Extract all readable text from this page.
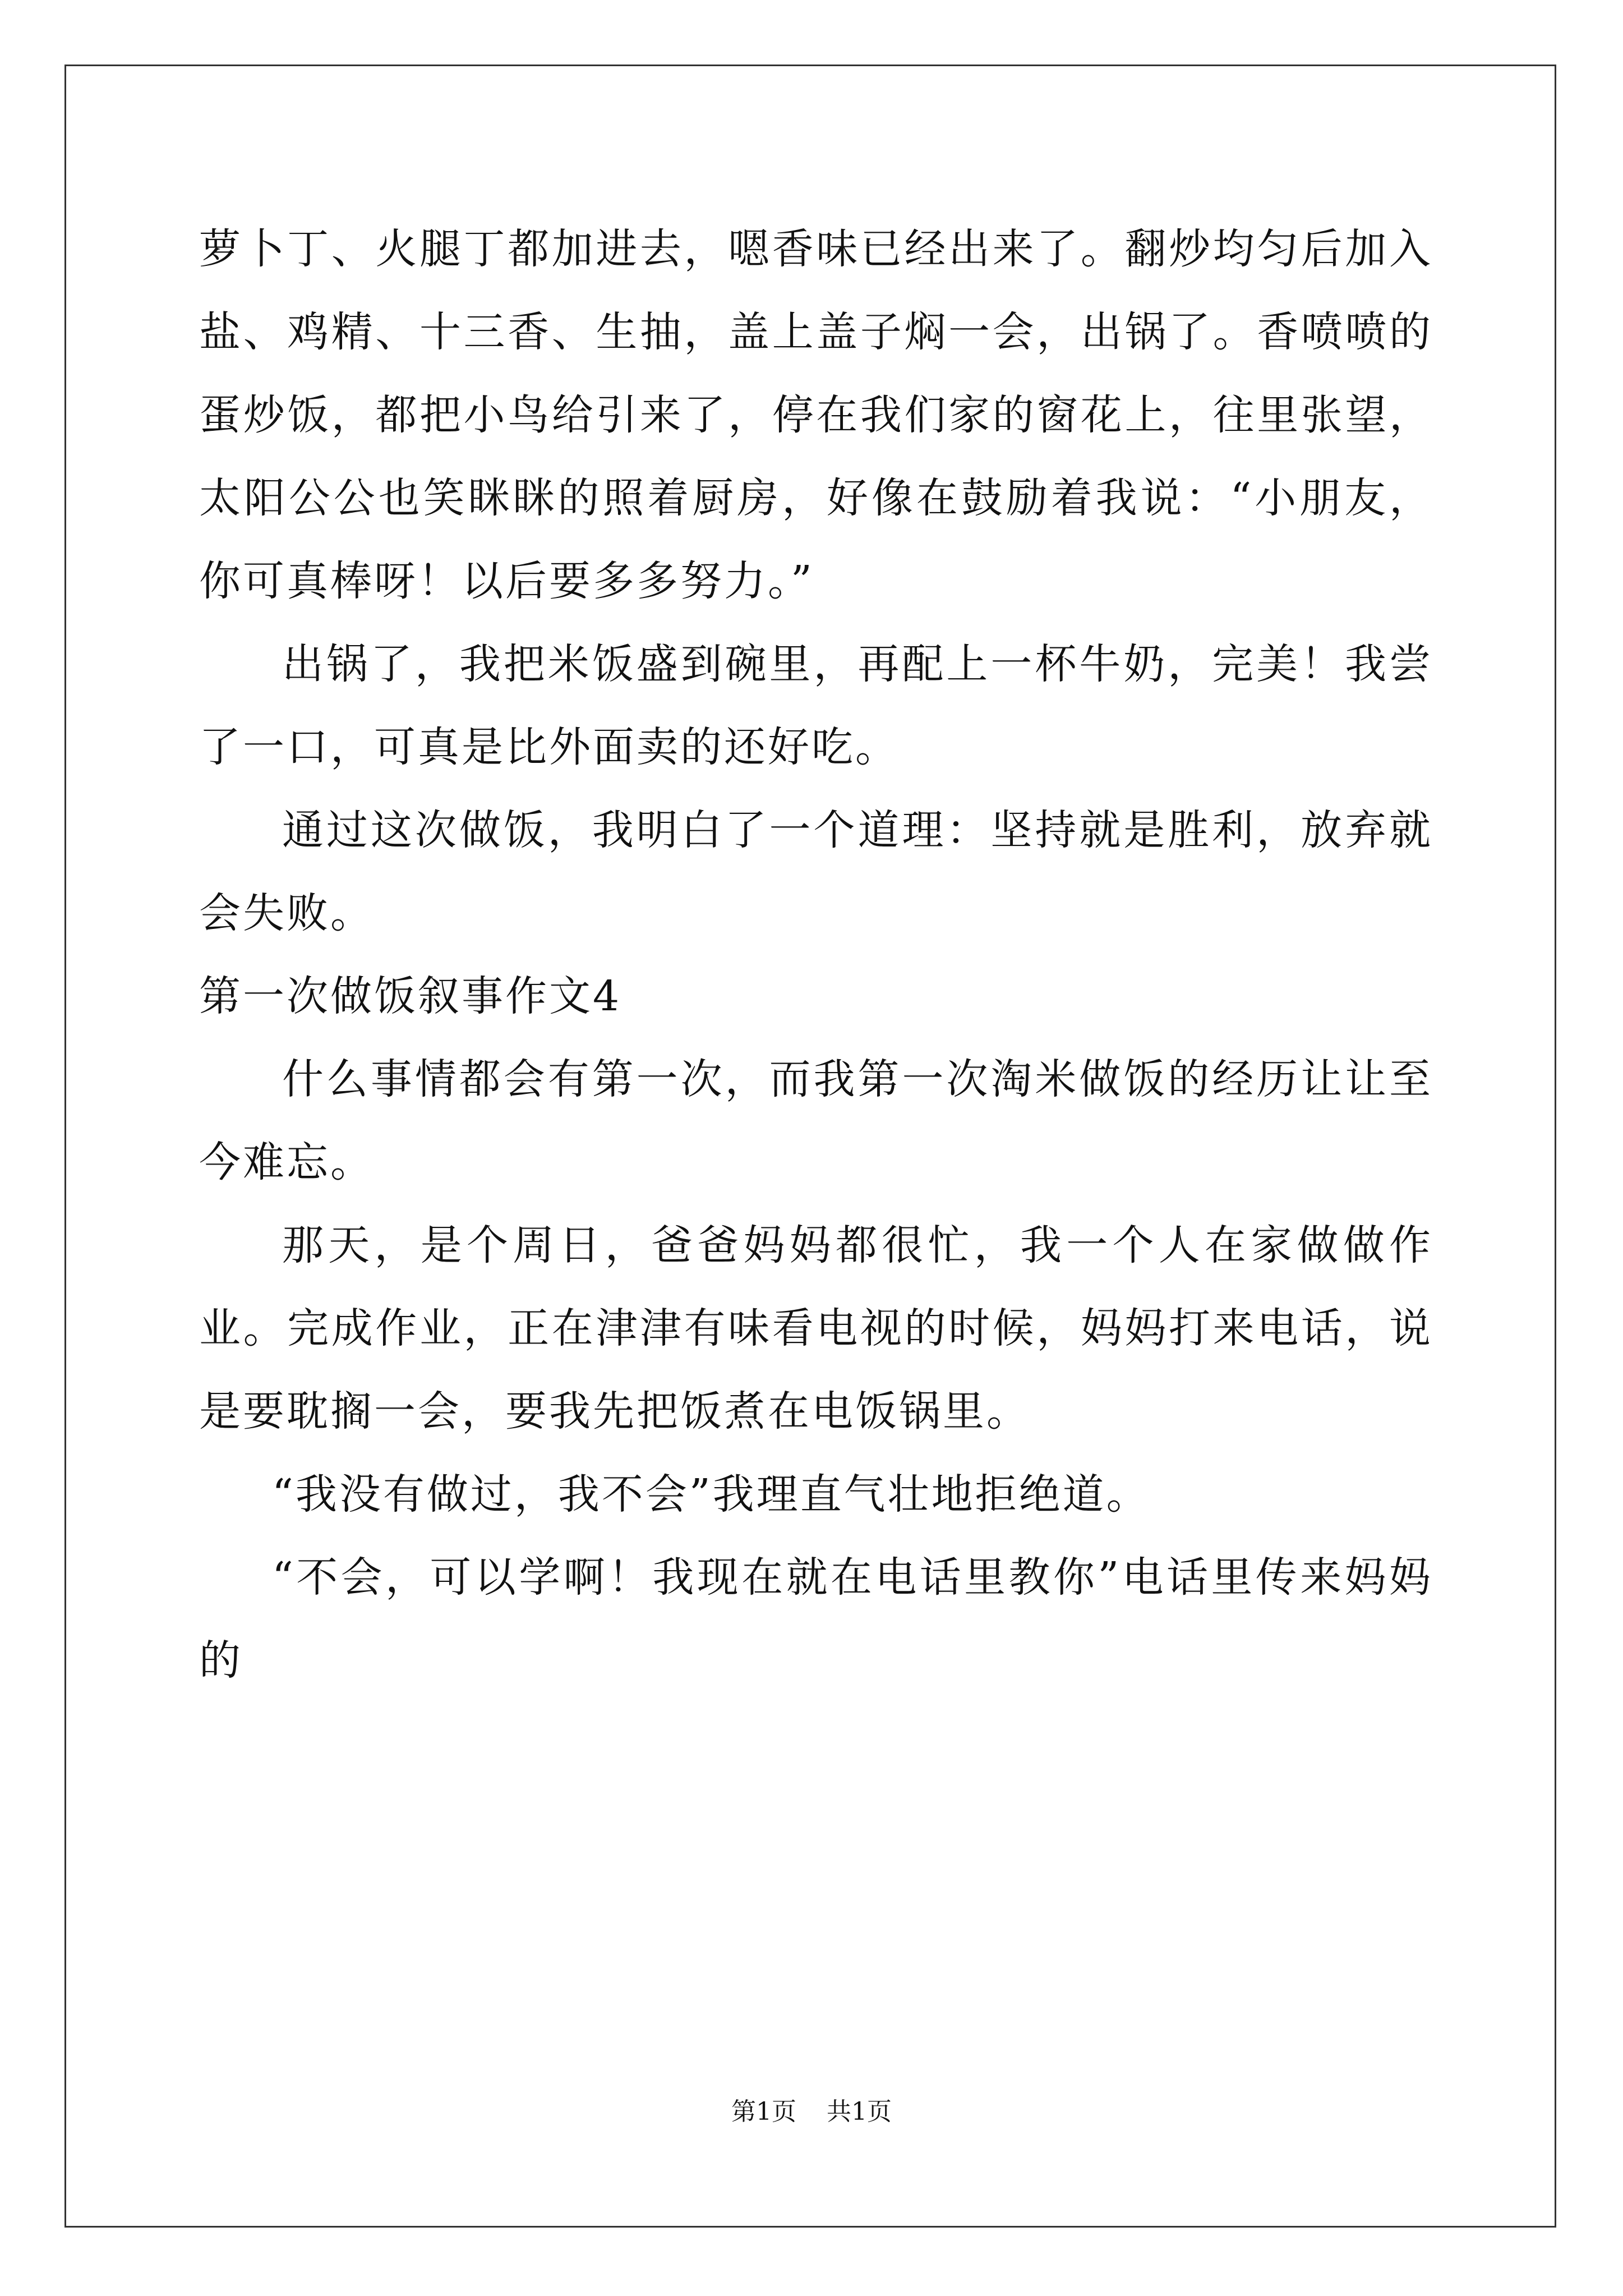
萝卜丁、火腿丁都加进去，嗯香味已经出来了。翻炒均匀后加入盐、鸡精、十三香、生抽，盖上盖子焖一会，出锅了。香喷喷的蛋炒饭，都把小鸟给引来了，停在我们家的窗花上，往里张望，太阳公公也笑眯眯的照着厨房，好像在鼓励着我说：“小朋友，你可真棒呀！以后要多多努力。”

出锅了，我把米饭盛到碗里，再配上一杯牛奶，完美！我尝了一口，可真是比外面卖的还好吃。

通过这次做饭，我明白了一个道理：坚持就是胜利，放弃就会失败。

第一次做饭叙事作文4

什么事情都会有第一次，而我第一次淘米做饭的经历让让至今难忘。

那天，是个周日，爸爸妈妈都很忙，我一个人在家做做作业。完成作业，正在津津有味看电视的时候，妈妈打来电话，说是要耽搁一会，要我先把饭煮在电饭锅里。

“我没有做过，我不会”我理直气壮地拒绝道。

“不会，可以学啊！我现在就在电话里教你”电话里传来妈妈的

第1页 共1页
